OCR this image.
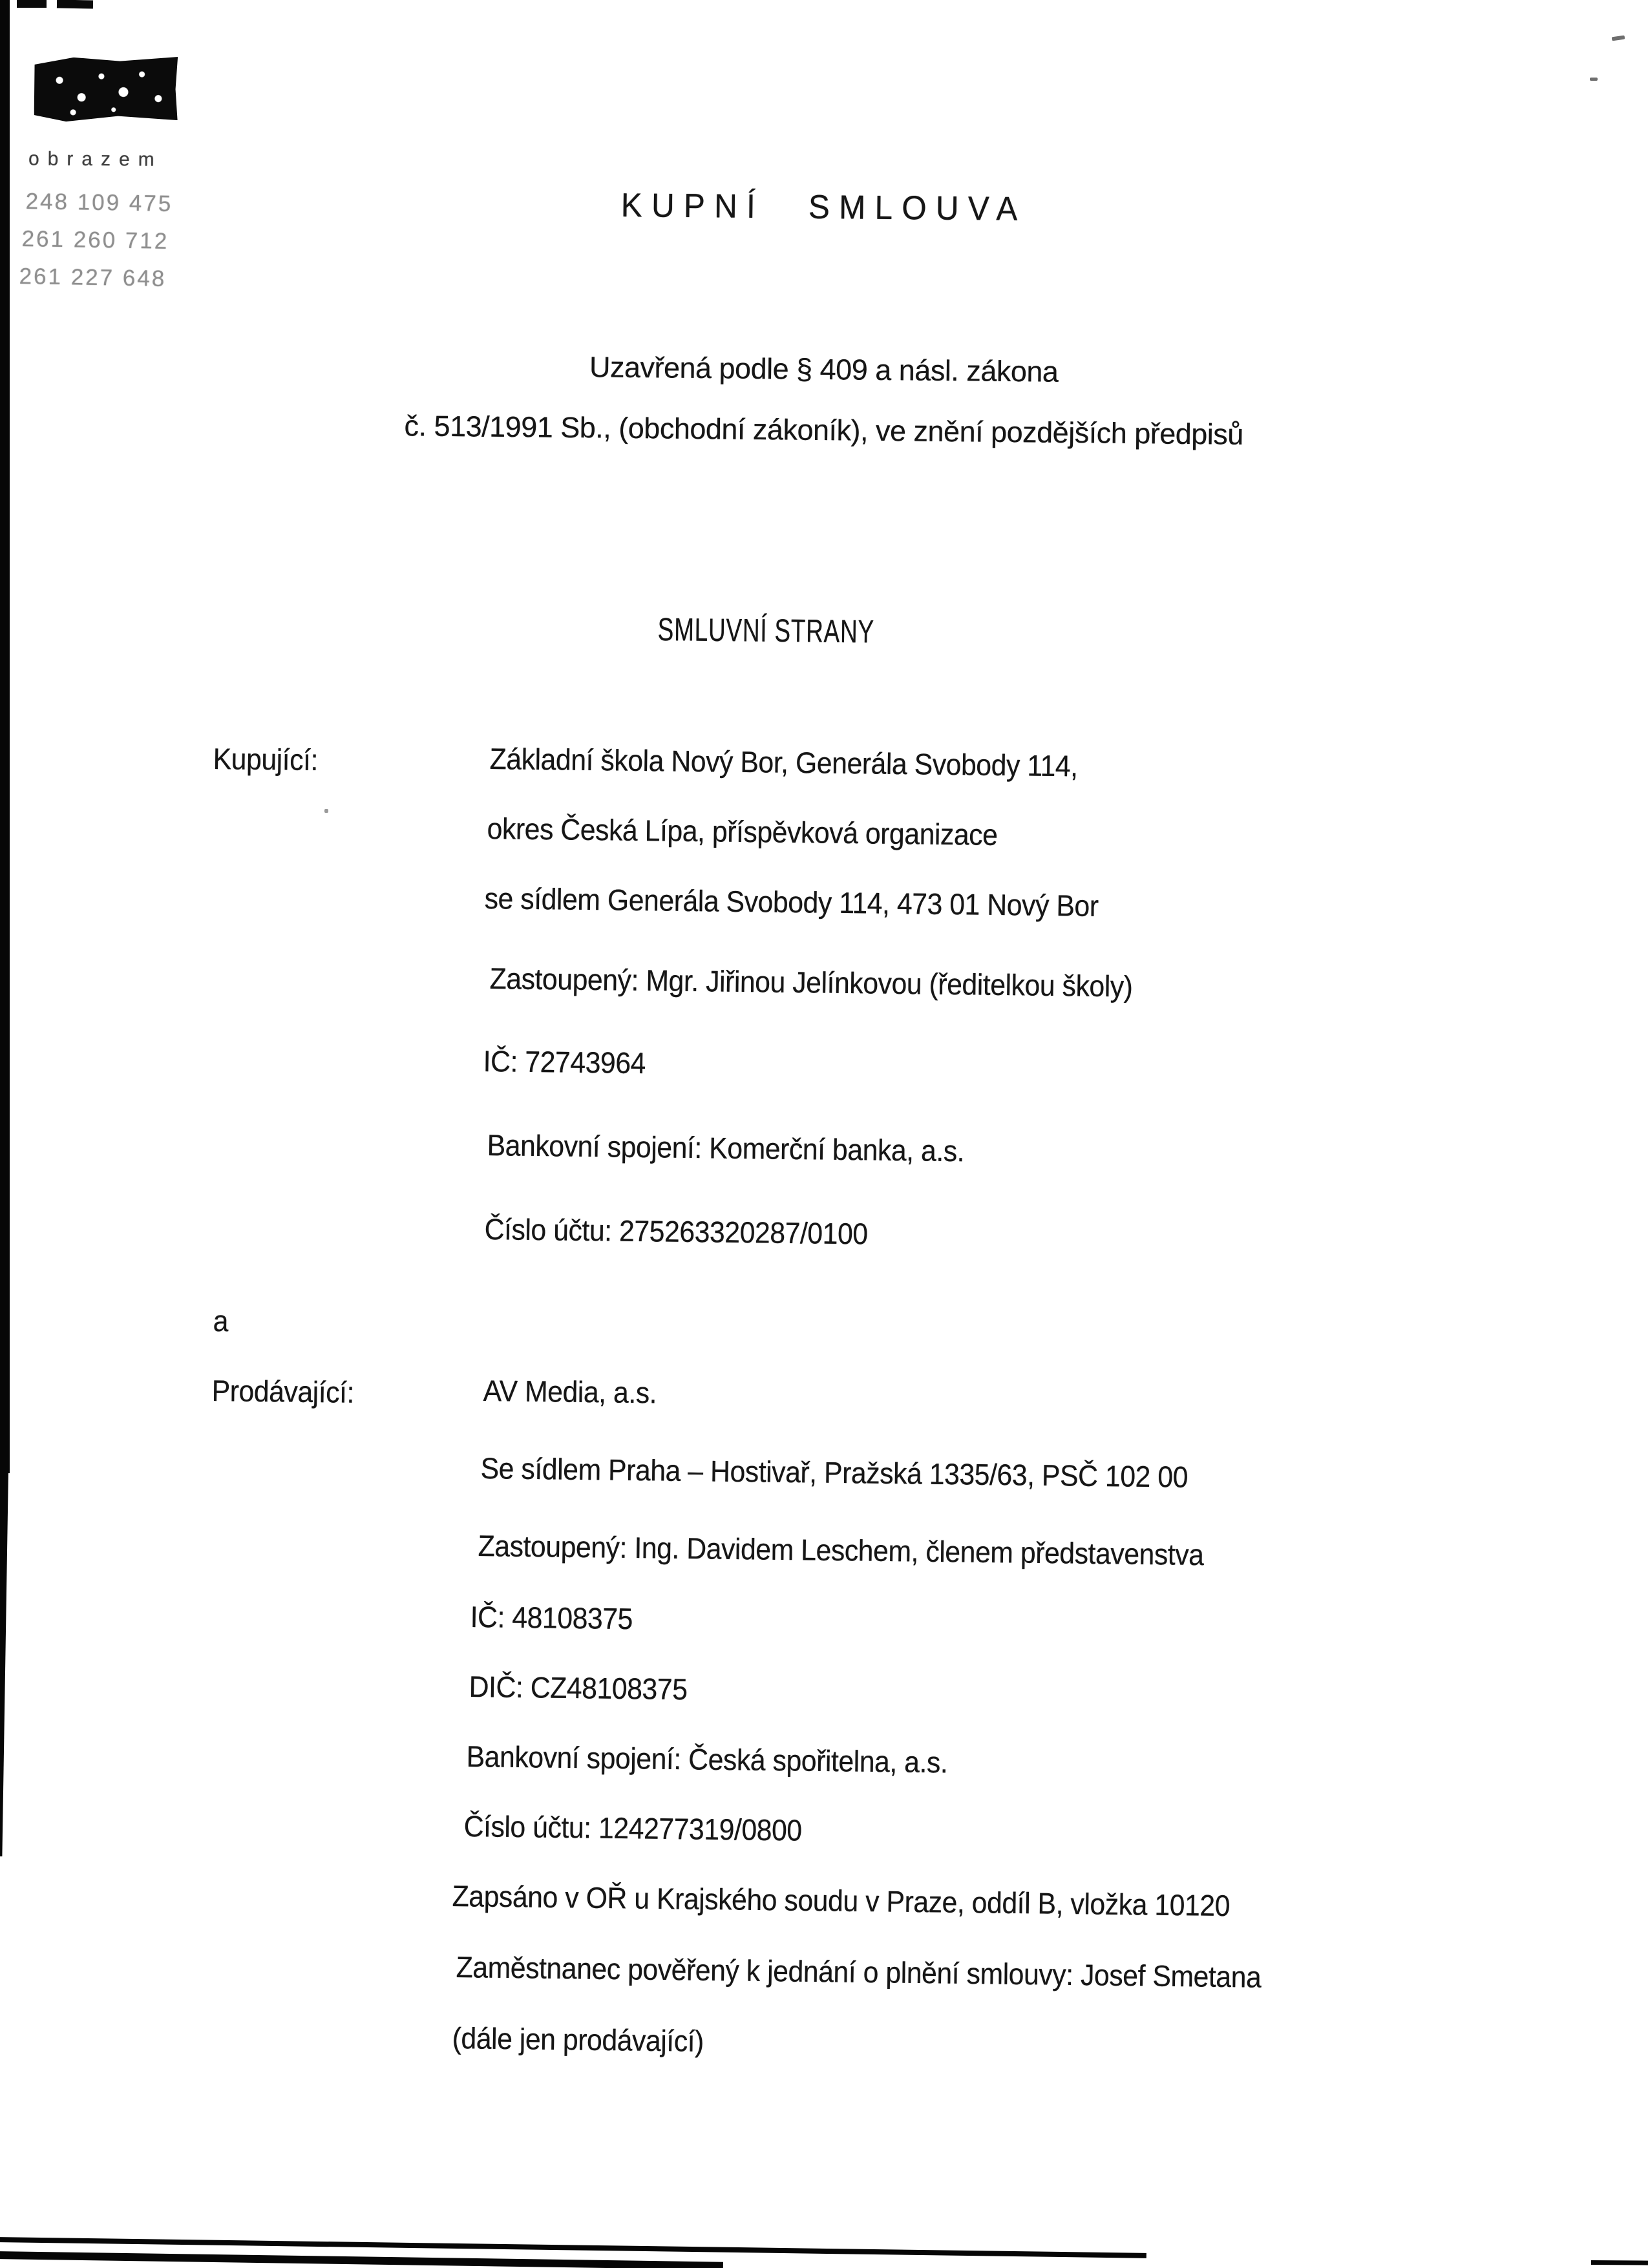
obrazem
248 109 475
261 260 712
261 227 648
KUPNÍ SMLOUVA
Uzavřená podle § 409 a násl. zákona
č. 513/1991 Sb., (obchodní zákoník), ve znění pozdějších předpisů
SMLUVNÍ STRANY
Kupující:	Základní škola Nový Bor, Generála Svobody 114,
okres Česká Lípa, příspěvková organizace
se sídlem Generála Svobody 114, 473 01 Nový Bor
Zastoupený: Mgr. Jiřinou Jelínkovou (ředitelkou školy)
IČ: 72743964
Bankovní spojení: Komerční banka, a.s.
Číslo účtu: 275263320287/0100
a
Prodávající:	AV Media, a.s.
Se sídlem Praha – Hostivař, Pražská 1335/63, PSČ 102 00
Zastoupený: Ing. Davidem Leschem, členem představenstva
IČ: 48108375
DIČ: CZ48108375
Bankovní spojení: Česká spořitelna, a.s.
Číslo účtu: 124277319/0800
Zapsáno v OŘ u Krajského soudu v Praze, oddíl B, vložka 10120
Zaměstnanec pověřený k jednání o plnění smlouvy: Josef Smetana
(dále jen prodávající)
